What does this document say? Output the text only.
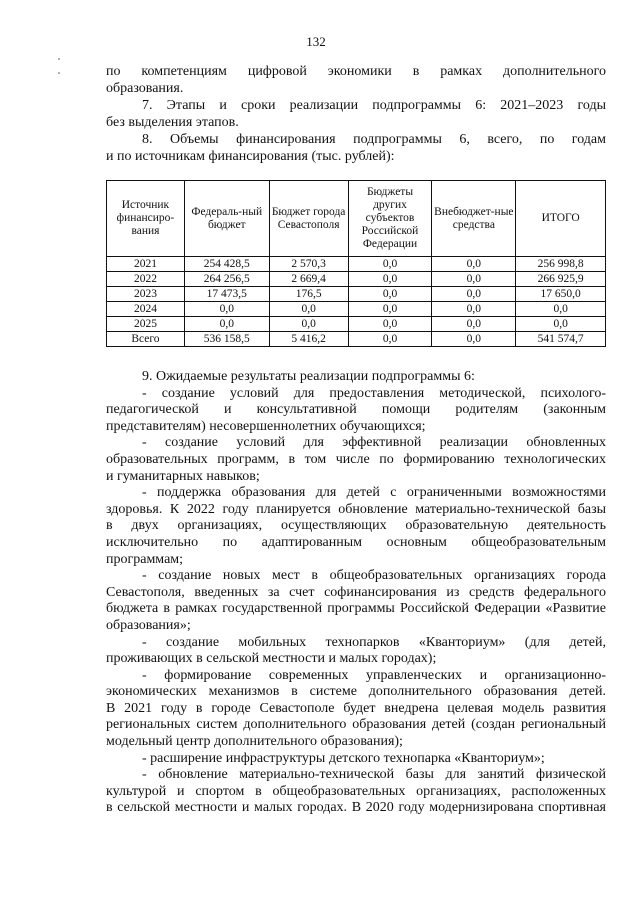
132
по компетенциям цифровой экономики в рамках дополнительного
образования.
7. Этапы и сроки реализации подпрограммы 6: 2021–2023 годы
без выделения этапов.
8. Объемы финансирования подпрограммы 6, всего, по годам
и по источникам финансирования (тыс. рублей):
Источник финансиро-вания	Федераль-ный бюджет	Бюджет города Севастополя	Бюджеты других субъектов Российской Федерации	Внебюджет-ные средства	ИТОГО
2021	254 428,5	2 570,3	0,0	0,0	256 998,8
2022	264 256,5	2 669,4	0,0	0,0	266 925,9
2023	17 473,5	176,5	0,0	0,0	17 650,0
2024	0,0	0,0	0,0	0,0	0,0
2025	0,0	0,0	0,0	0,0	0,0
Всего	536 158,5	5 416,2	0,0	0,0	541 574,7
9. Ожидаемые результаты реализации подпрограммы 6:
- создание условий для предоставления методической, психолого-
педагогической и консультативной помощи родителям (законным
представителям) несовершеннолетних обучающихся;
- создание условий для эффективной реализации обновленных
образовательных программ, в том числе по формированию технологических
и гуманитарных навыков;
- поддержка образования для детей с ограниченными возможностями
здоровья. К 2022 году планируется обновление материально-технической базы
в двух организациях, осуществляющих образовательную деятельность
исключительно по адаптированным основным общеобразовательным
программам;
- создание новых мест в общеобразовательных организациях города
Севастополя, введенных за счет софинансирования из средств федерального
бюджета в рамках государственной программы Российской Федерации «Развитие
образования»;
- создание мобильных технопарков «Кванториум» (для детей,
проживающих в сельской местности и малых городах);
- формирование современных управленческих и организационно-
экономических механизмов в системе дополнительного образования детей.
В 2021 году в городе Севастополе будет внедрена целевая модель развития
региональных систем дополнительного образования детей (создан региональный
модельный центр дополнительного образования);
- расширение инфраструктуры детского технопарка «Кванториум»;
- обновление материально-технической базы для занятий физической
культурой и спортом в общеобразовательных организациях, расположенных
в сельской местности и малых городах. В 2020 году модернизирована спортивная
